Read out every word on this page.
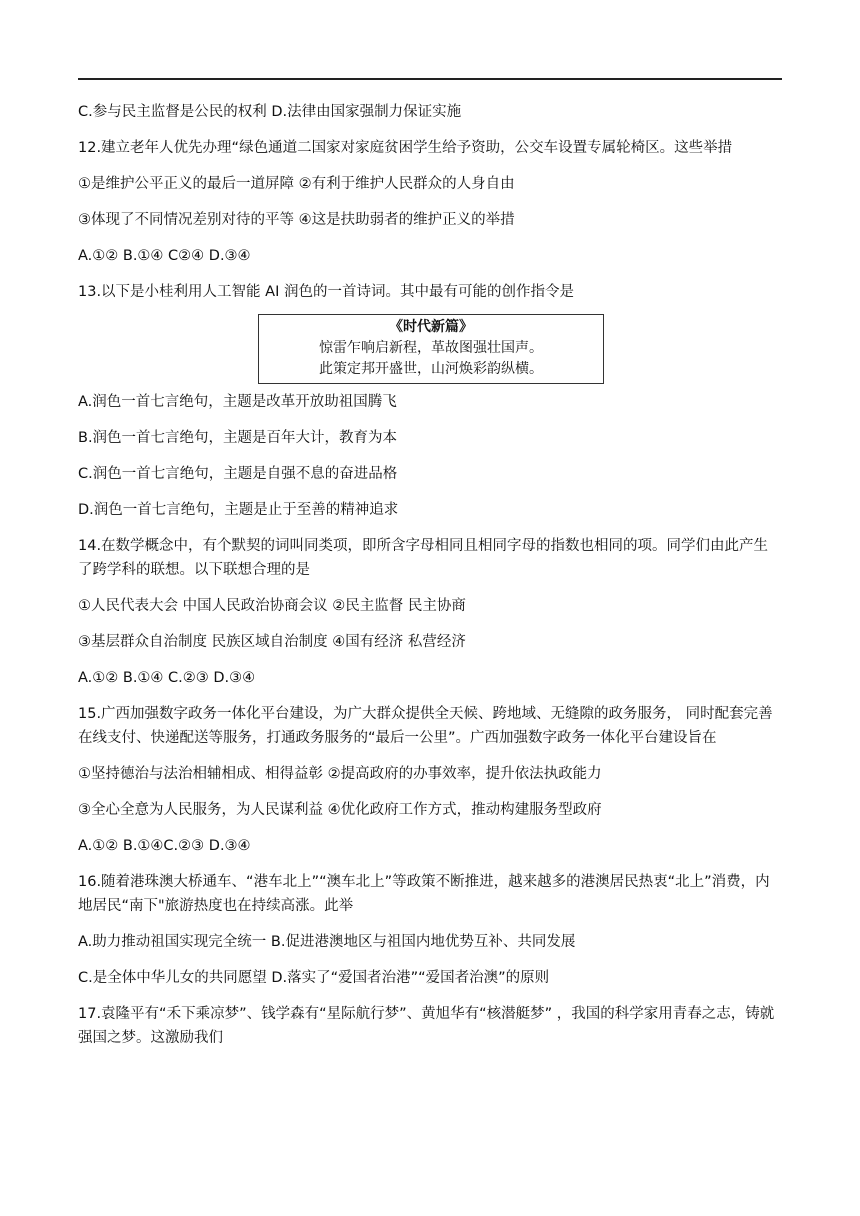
C.参与民主监督是公民的权利 D.法律由国家强制力保证实施
12.建立老年人优先办理“绿色通道二国家对家庭贫困学生给予资助，公交车设置专属轮椅区。这些举措
①是维护公平正义的最后一道屏障 ②有利于维护人民群众的人身自由
③体现了不同情况差别对待的平等 ④这是扶助弱者的维护正义的举措
A.①② B.①④ C②④ D.③④
13.以下是小桂利用人工智能 AI 润色的一首诗词。其中最有可能的创作指令是
《时代新篇》
惊雷乍响启新程，革故图强壮国声。
此策定邦开盛世，山河焕彩韵纵横。
A.润色一首七言绝句，主题是改革开放助祖国腾飞
B.润色一首七言绝句，主题是百年大计，教育为本
C.润色一首七言绝句，主题是自强不息的奋进品格
D.润色一首七言绝句，主题是止于至善的精神追求
14.在数学概念中，有个默契的词叫同类项，即所含字母相同且相同字母的指数也相同的项。同学们由此产生了跨学科的联想。以下联想合理的是
①人民代表大会 中国人民政治协商会议 ②民主监督 民主协商
③基层群众自治制度 民族区域自治制度 ④国有经济 私营经济
A.①② B.①④ C.②③ D.③④
15.广西加强数字政务一体化平台建设，为广大群众提供全天候、跨地域、无缝隙的政务服务， 同时配套完善在线支付、快递配送等服务，打通政务服务的“最后一公里”。广西加强数字政务一体化平台建设旨在
①坚持德治与法治相辅相成、相得益彰 ②提高政府的办事效率，提升依法执政能力
③全心全意为人民服务，为人民谋利益 ④优化政府工作方式，推动构建服务型政府
A.①② B.①④C.②③ D.③④
16.随着港珠澳大桥通车、“港车北上”“澳车北上”等政策不断推进，越来越多的港澳居民热衷“北上”消费，内地居民“南下"旅游热度也在持续高涨。此举
A.助力推动祖国实现完全统一 B.促进港澳地区与祖国内地优势互补、共同发展
C.是全体中华儿女的共同愿望 D.落实了“爱国者治港”“爱国者治澳”的原则
17.袁隆平有“禾下乘凉梦”、钱学森有“星际航行梦”、黄旭华有“核潜艇梦” ，我国的科学家用青春之志，铸就强国之梦。这激励我们
